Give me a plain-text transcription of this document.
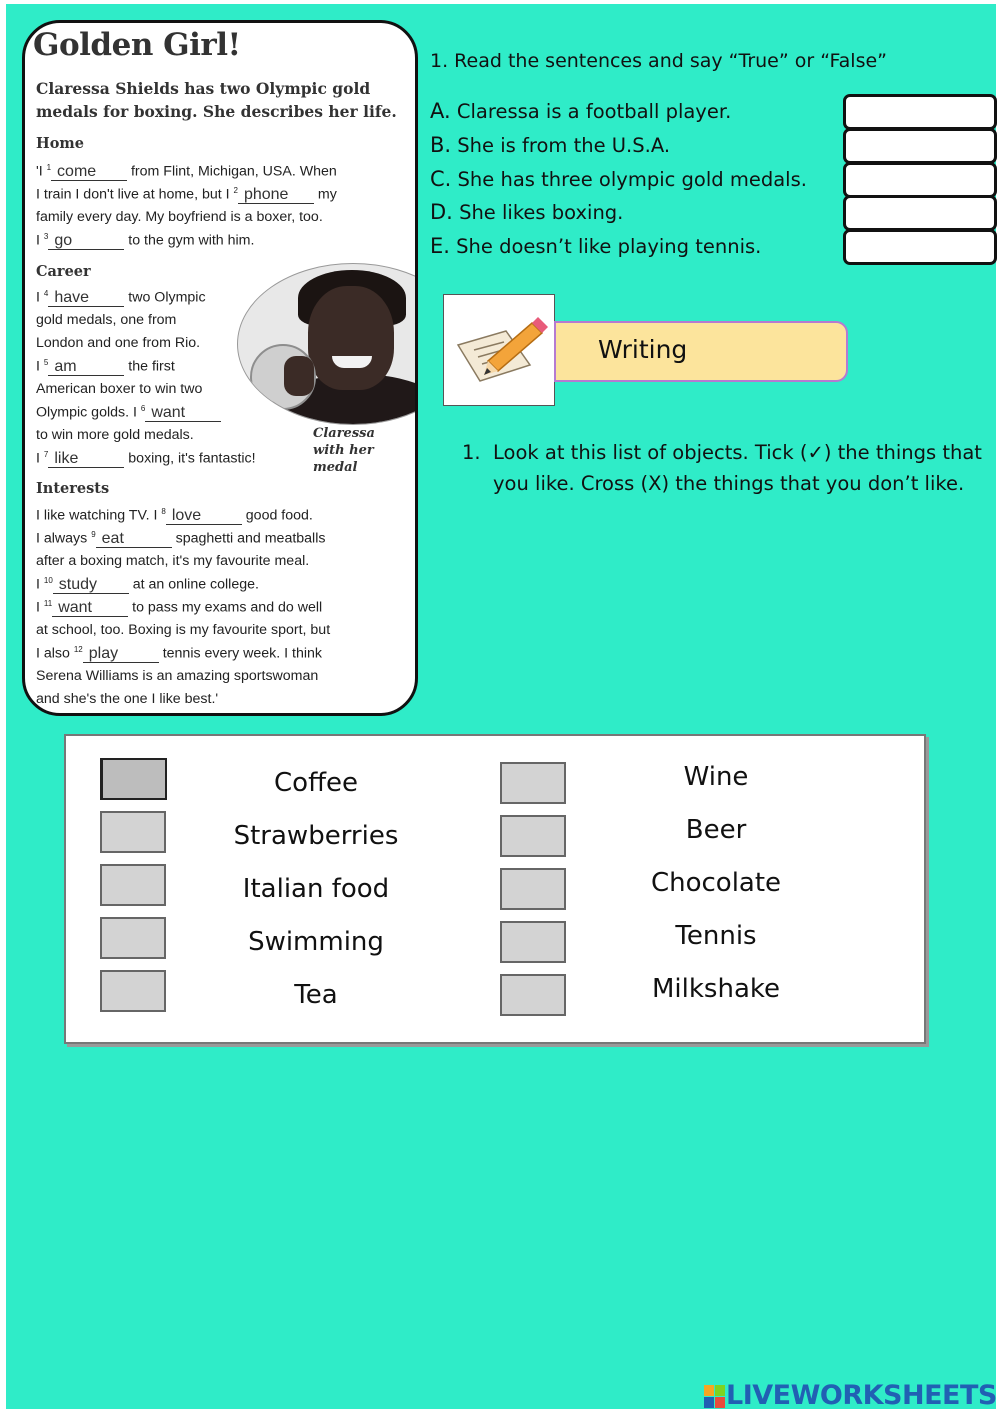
Golden Girl!
Claressa Shields has two Olympic gold medals for boxing. She describes her life.
Home
'I $^1$ come from Flint, Michigan, USA. When
I train I don't live at home, but I $^2$ phone my
family every day. My boyfriend is a boxer, too.
I $^3$ go	to the gym with him.
Career
I $^4$ have two Olympic
gold medals, one from
London and one from Rio.
I $^5$ am	the first
American boxer to win two
Olympic golds. I $^6$ want
to win more gold medals.
I $^7$ like	boxing, it's fantastic!
Claressa with her medal
Interests
I like watching TV. I $^8$ love	good food.
I always $^9$ eat	spaghetti and meatballs
after a boxing match, it's my favourite meal.
I $^{10}$ study at an online college.
I $^{11}$ want	to pass my exams and do well
at school, too. Boxing is my favourite sport, but
I also $^{12}$ play	tennis every week. I think
Serena Williams is an amazing sportswoman
and she's the one I like best.'
1. Read the sentences and say “True” or “False”
A. Claressa is a football player.
B. She is from the U.S.A.
C. She has three olympic gold medals.
D. She likes boxing.
E. She doesn’t like playing tennis.
Writing
1. Look at this list of objects. Tick (✓) the things that you like. Cross (X) the things that you don’t like.
Coffee
Strawberries
Italian food
Swimming
Tea
Wine
Beer
Chocolate
Tennis
Milkshake
LIVEWORKSHEETS
